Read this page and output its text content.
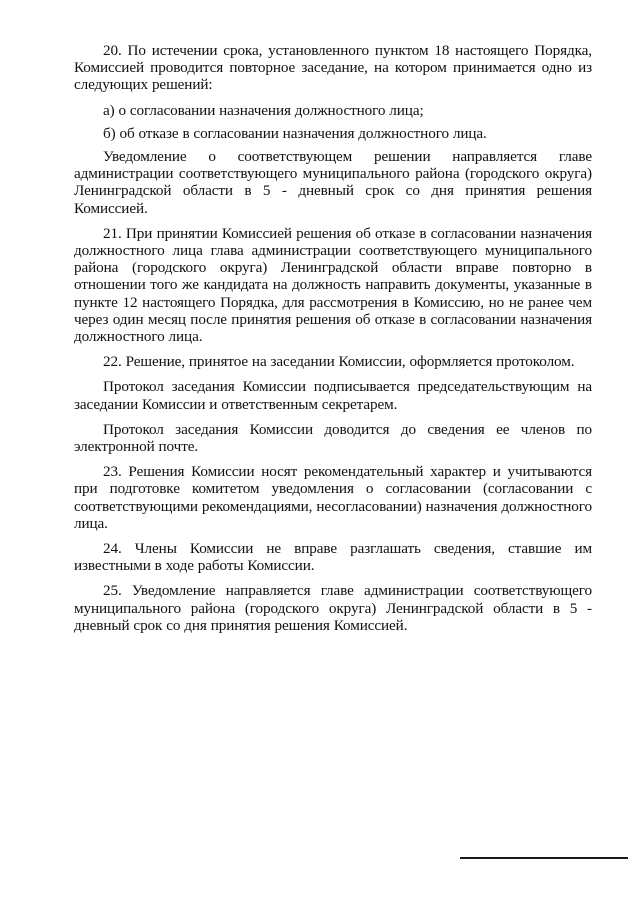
20. По истечении срока, установленного пунктом 18 настоящего Порядка, Комиссией проводится повторное заседание, на котором принимается одно из следующих решений:

а) о согласовании назначения должностного лица;

б) об отказе в согласовании назначения должностного лица.

Уведомление о соответствующем решении направляется главе администрации соответствующего муниципального района (городского округа) Ленинградской области в 5 - дневный срок со дня принятия решения Комиссией.

21. При принятии Комиссией решения об отказе в согласовании назначения должностного лица глава администрации соответствующего муниципального района (городского округа) Ленинградской области вправе повторно в отношении того же кандидата на должность направить документы, указанные в пункте 12 настоящего Порядка, для рассмотрения в Комиссию, но не ранее чем через один месяц после принятия решения об отказе в согласовании назначения должностного лица.

22. Решение, принятое на заседании Комиссии, оформляется протоколом.

Протокол заседания Комиссии подписывается председательствующим на заседании Комиссии и ответственным секретарем.

Протокол заседания Комиссии доводится до сведения ее членов по электронной почте.

23. Решения Комиссии носят рекомендательный характер и учитываются при подготовке комитетом уведомления о согласовании (согласовании с соответствующими рекомендациями, несогласовании) назначения должностного лица.

24. Члены Комиссии не вправе разглашать сведения, ставшие им известными в ходе работы Комиссии.

25. Уведомление направляется главе администрации соответствующего муниципального района (городского округа) Ленинградской области в 5 - дневный срок со дня принятия решения Комиссией.
